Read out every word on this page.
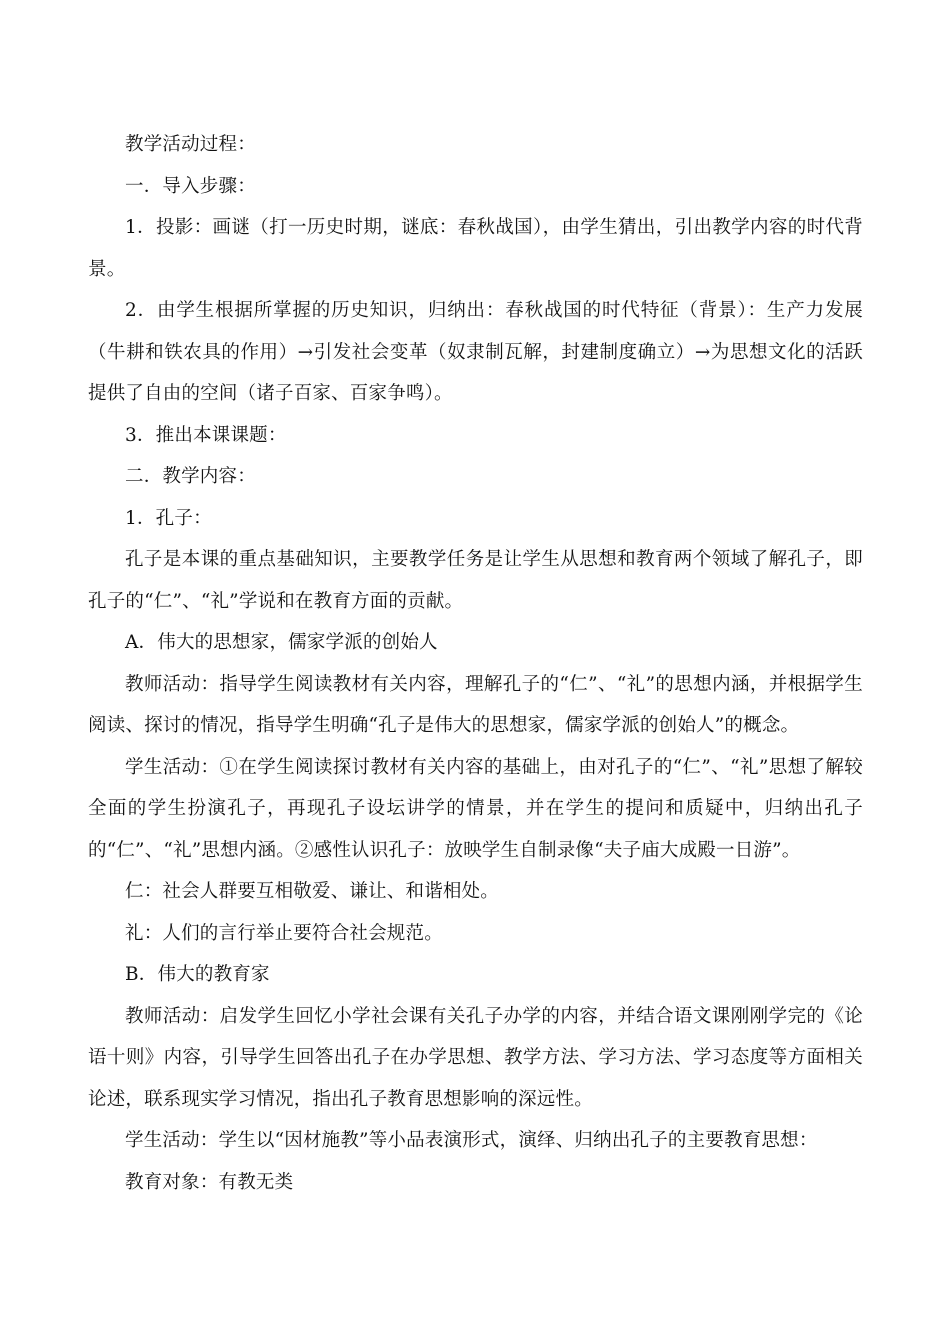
教学活动过程：

一．导入步骤：

1．投影：画谜（打一历史时期，谜底：春秋战国），由学生猜出，引出教学内容的时代背景。

2．由学生根据所掌握的历史知识，归纳出：春秋战国的时代特征（背景）：生产力发展（牛耕和铁农具的作用）→引发社会变革（奴隶制瓦解，封建制度确立）→为思想文化的活跃提供了自由的空间（诸子百家、百家争鸣）。

3．推出本课课题：

二．教学内容：

1．孔子：

孔子是本课的重点基础知识，主要教学任务是让学生从思想和教育两个领域了解孔子，即孔子的“仁”、“礼”学说和在教育方面的贡献。

A．伟大的思想家，儒家学派的创始人

教师活动：指导学生阅读教材有关内容，理解孔子的“仁”、“礼”的思想内涵，并根据学生阅读、探讨的情况，指导学生明确“孔子是伟大的思想家，儒家学派的创始人”的概念。

学生活动：①在学生阅读探讨教材有关内容的基础上，由对孔子的“仁”、“礼”思想了解较全面的学生扮演孔子，再现孔子设坛讲学的情景，并在学生的提问和质疑中，归纳出孔子的“仁”、“礼”思想内涵。②感性认识孔子：放映学生自制录像“夫子庙大成殿一日游”。

仁：社会人群要互相敬爱、谦让、和谐相处。

礼：人们的言行举止要符合社会规范。

B．伟大的教育家

教师活动：启发学生回忆小学社会课有关孔子办学的内容，并结合语文课刚刚学完的《论语十则》内容，引导学生回答出孔子在办学思想、教学方法、学习方法、学习态度等方面相关论述，联系现实学习情况，指出孔子教育思想影响的深远性。

学生活动：学生以“因材施教”等小品表演形式，演绎、归纳出孔子的主要教育思想：

教育对象：有教无类
